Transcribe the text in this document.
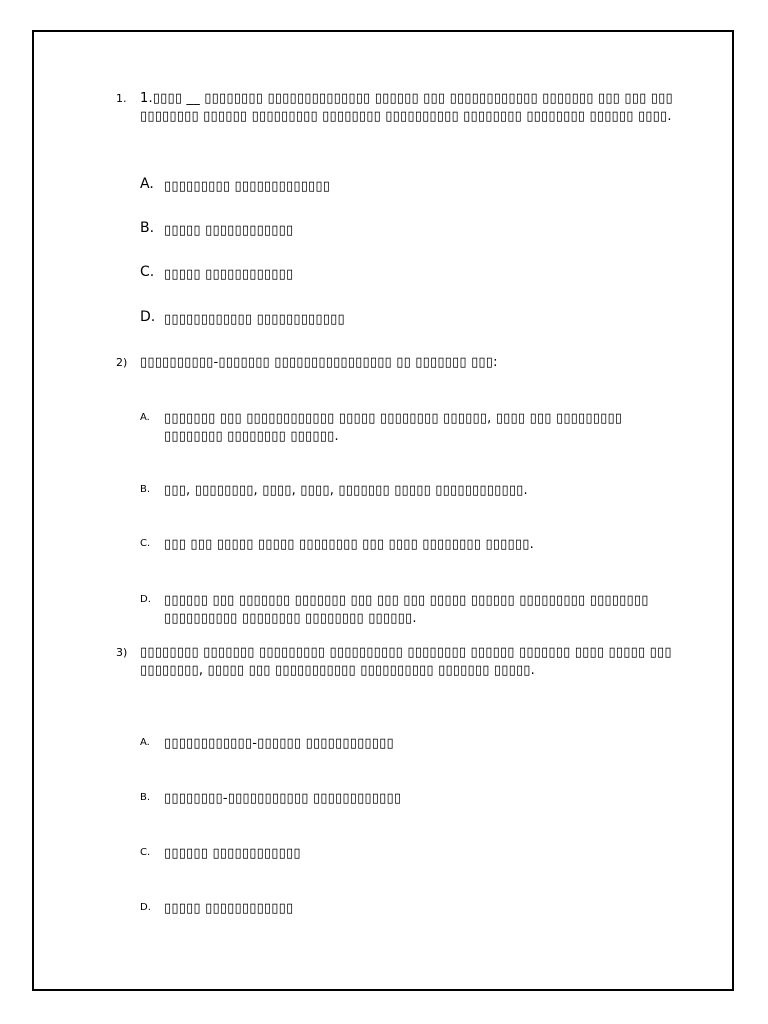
1. 1.▯▯▯▯ __ ▯▯▯▯▯▯▯▯ ▯▯▯▯▯▯▯▯▯▯▯▯▯▯ ▯▯▯▯▯▯ ▯▯▯ ▯▯▯▯▯▯▯▯▯▯▯▯ ▯▯▯▯▯▯▯ ▯▯▯ ▯▯▯ ▯▯▯ ▯▯▯▯▯▯▯▯ ▯▯▯▯▯▯ ▯▯▯▯▯▯▯▯▯ ▯▯▯▯▯▯▯▯ ▯▯▯▯▯▯▯▯▯▯ ▯▯▯▯▯▯▯▯ ▯▯▯▯▯▯▯▯ ▯▯▯▯▯▯ ▯▯▯▯.
A. ▯▯▯▯▯▯▯▯▯ ▯▯▯▯▯▯▯▯▯▯▯▯▯
B. ▯▯▯▯▯ ▯▯▯▯▯▯▯▯▯▯▯▯
C. ▯▯▯▯▯ ▯▯▯▯▯▯▯▯▯▯▯▯
D. ▯▯▯▯▯▯▯▯▯▯▯▯ ▯▯▯▯▯▯▯▯▯▯▯▯
2) ▯▯▯▯▯▯▯▯▯▯-▯▯▯▯▯▯▯ ▯▯▯▯▯▯▯▯▯▯▯▯▯▯▯▯ ▯▯ ▯▯▯▯▯▯▯ ▯▯▯:
A. ▯▯▯▯▯▯▯ ▯▯▯ ▯▯▯▯▯▯▯▯▯▯▯▯ ▯▯▯▯▯ ▯▯▯▯▯▯▯▯ ▯▯▯▯▯▯, ▯▯▯▯ ▯▯▯ ▯▯▯▯▯▯▯▯▯ ▯▯▯▯▯▯▯▯ ▯▯▯▯▯▯▯▯ ▯▯▯▯▯▯.
B. ▯▯▯, ▯▯▯▯▯▯▯▯, ▯▯▯▯, ▯▯▯▯, ▯▯▯▯▯▯▯ ▯▯▯▯▯ ▯▯▯▯▯▯▯▯▯▯▯▯.
C. ▯▯▯ ▯▯▯ ▯▯▯▯▯ ▯▯▯▯▯ ▯▯▯▯▯▯▯▯ ▯▯▯ ▯▯▯▯ ▯▯▯▯▯▯▯▯ ▯▯▯▯▯▯.
D. ▯▯▯▯▯▯ ▯▯▯ ▯▯▯▯▯▯▯ ▯▯▯▯▯▯▯ ▯▯▯ ▯▯▯ ▯▯▯ ▯▯▯▯▯ ▯▯▯▯▯▯ ▯▯▯▯▯▯▯▯▯ ▯▯▯▯▯▯▯▯ ▯▯▯▯▯▯▯▯▯▯ ▯▯▯▯▯▯▯▯ ▯▯▯▯▯▯▯▯ ▯▯▯▯▯▯.
3) ▯▯▯▯▯▯▯▯ ▯▯▯▯▯▯▯ ▯▯▯▯▯▯▯▯▯ ▯▯▯▯▯▯▯▯▯▯ ▯▯▯▯▯▯▯▯ ▯▯▯▯▯▯ ▯▯▯▯▯▯▯ ▯▯▯▯ ▯▯▯▯▯ ▯▯▯ ▯▯▯▯▯▯▯▯, ▯▯▯▯▯ ▯▯▯ ▯▯▯▯▯▯▯▯▯▯▯ ▯▯▯▯▯▯▯▯▯▯ ▯▯▯▯▯▯▯ ▯▯▯▯▯.
A. ▯▯▯▯▯▯▯▯▯▯▯▯-▯▯▯▯▯▯ ▯▯▯▯▯▯▯▯▯▯▯▯
B. ▯▯▯▯▯▯▯▯-▯▯▯▯▯▯▯▯▯▯▯ ▯▯▯▯▯▯▯▯▯▯▯▯
C. ▯▯▯▯▯▯ ▯▯▯▯▯▯▯▯▯▯▯▯
D. ▯▯▯▯▯ ▯▯▯▯▯▯▯▯▯▯▯▯
